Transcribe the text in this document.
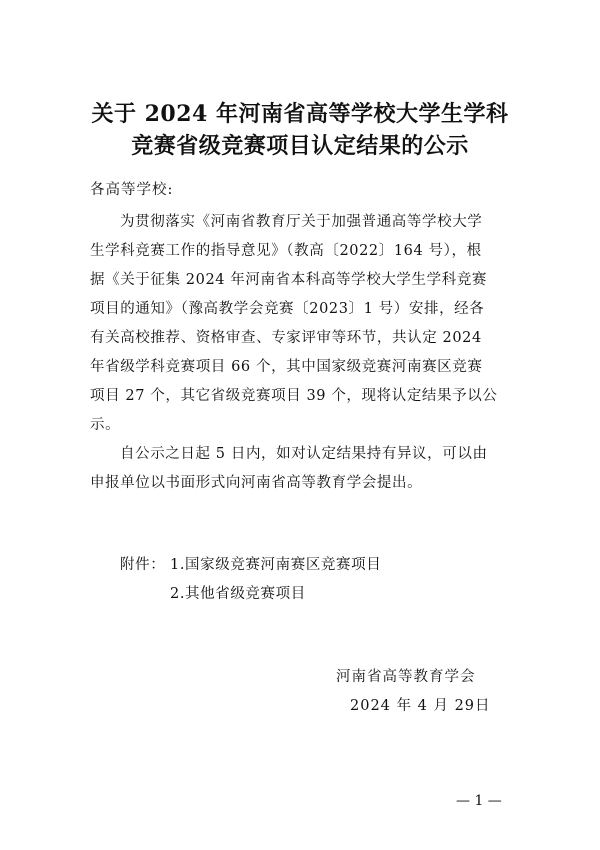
关于 2024 年河南省高等学校大学生学科
竞赛省级竞赛项目认定结果的公示
各高等学校:
为贯彻落实《河南省教育厅关于加强普通高等学校大学
生学科竞赛工作的指导意见》（教高〔2022〕164 号），根
据《关于征集 2024 年河南省本科高等学校大学生学科竞赛
项目的通知》（豫高教学会竞赛〔2023〕1 号）安排，经各
有关高校推荐、资格审查、专家评审等环节，共认定 2024
年省级学科竞赛项目 66 个，其中国家级竞赛河南赛区竞赛
项目 27 个，其它省级竞赛项目 39 个，现将认定结果予以公
示。
自公示之日起 5 日内，如对认定结果持有异议，可以由
申报单位以书面形式向河南省高等教育学会提出。
附件： 1.国家级竞赛河南赛区竞赛项目
2.其他省级竞赛项目
河南省高等教育学会
2024 年 4 月 29日
— 1 —
